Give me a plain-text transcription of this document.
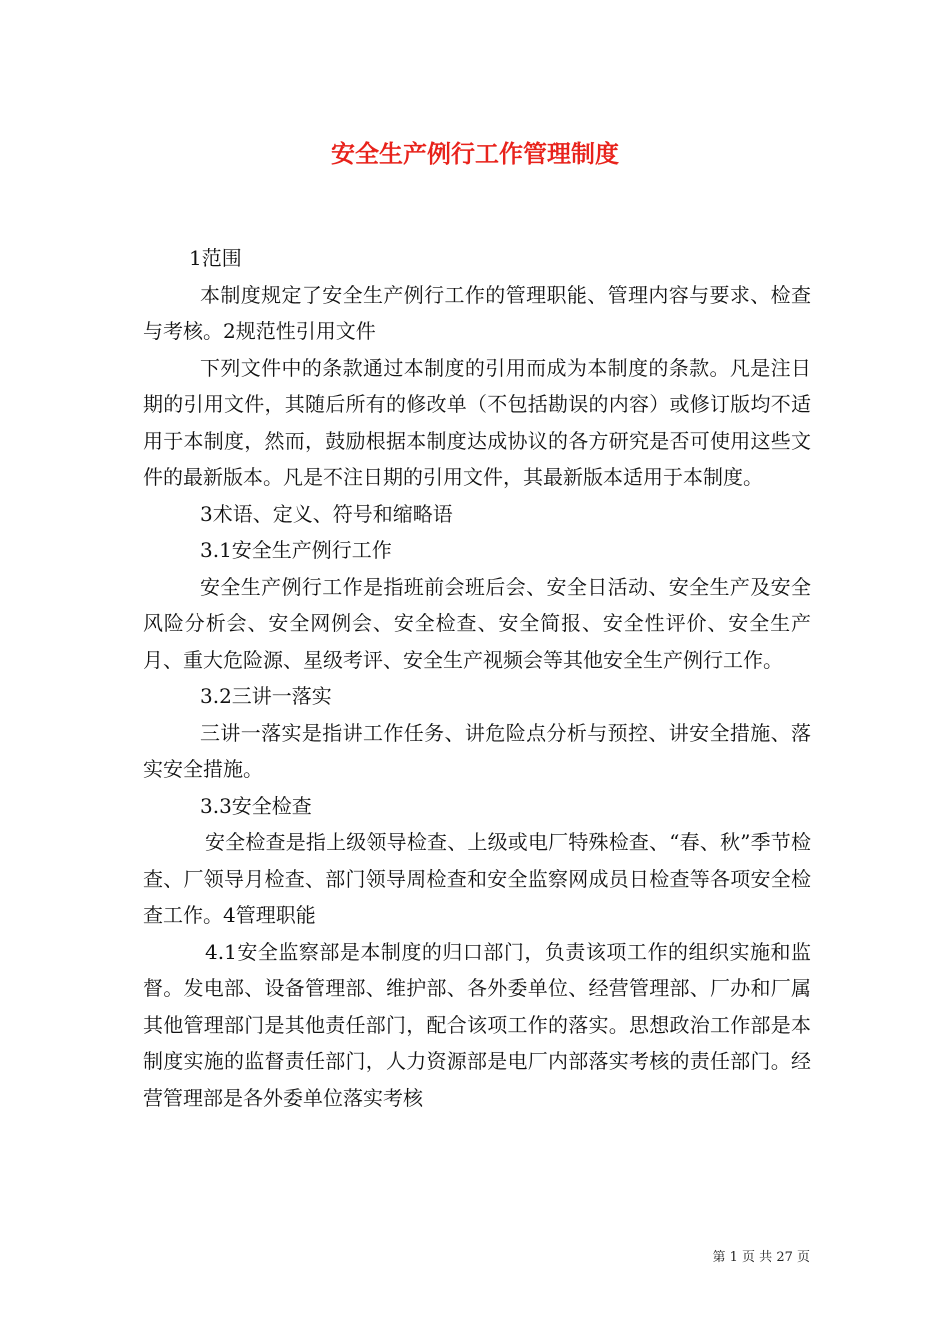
安全生产例行工作管理制度

1范围

本制度规定了安全生产例行工作的管理职能、管理内容与要求、检查与考核。2规范性引用文件

下列文件中的条款通过本制度的引用而成为本制度的条款。凡是注日期的引用文件，其随后所有的修改单（不包括勘误的内容）或修订版均不适用于本制度，然而，鼓励根据本制度达成协议的各方研究是否可使用这些文件的最新版本。凡是不注日期的引用文件，其最新版本适用于本制度。

3术语、定义、符号和缩略语

3.1安全生产例行工作

安全生产例行工作是指班前会班后会、安全日活动、安全生产及安全风险分析会、安全网例会、安全检查、安全简报、安全性评价、安全生产月、重大危险源、星级考评、安全生产视频会等其他安全生产例行工作。

3.2三讲一落实

三讲一落实是指讲工作任务、讲危险点分析与预控、讲安全措施、落实安全措施。

3.3安全检查

安全检查是指上级领导检查、上级或电厂特殊检查、“春、秋”季节检查、厂领导月检查、部门领导周检查和安全监察网成员日检查等各项安全检查工作。4管理职能

4.1安全监察部是本制度的归口部门，负责该项工作的组织实施和监督。发电部、设备管理部、维护部、各外委单位、经营管理部、厂办和厂属其他管理部门是其他责任部门，配合该项工作的落实。思想政治工作部是本制度实施的监督责任部门，人力资源部是电厂内部落实考核的责任部门。经营管理部是各外委单位落实考核

第 1 页 共 27 页
